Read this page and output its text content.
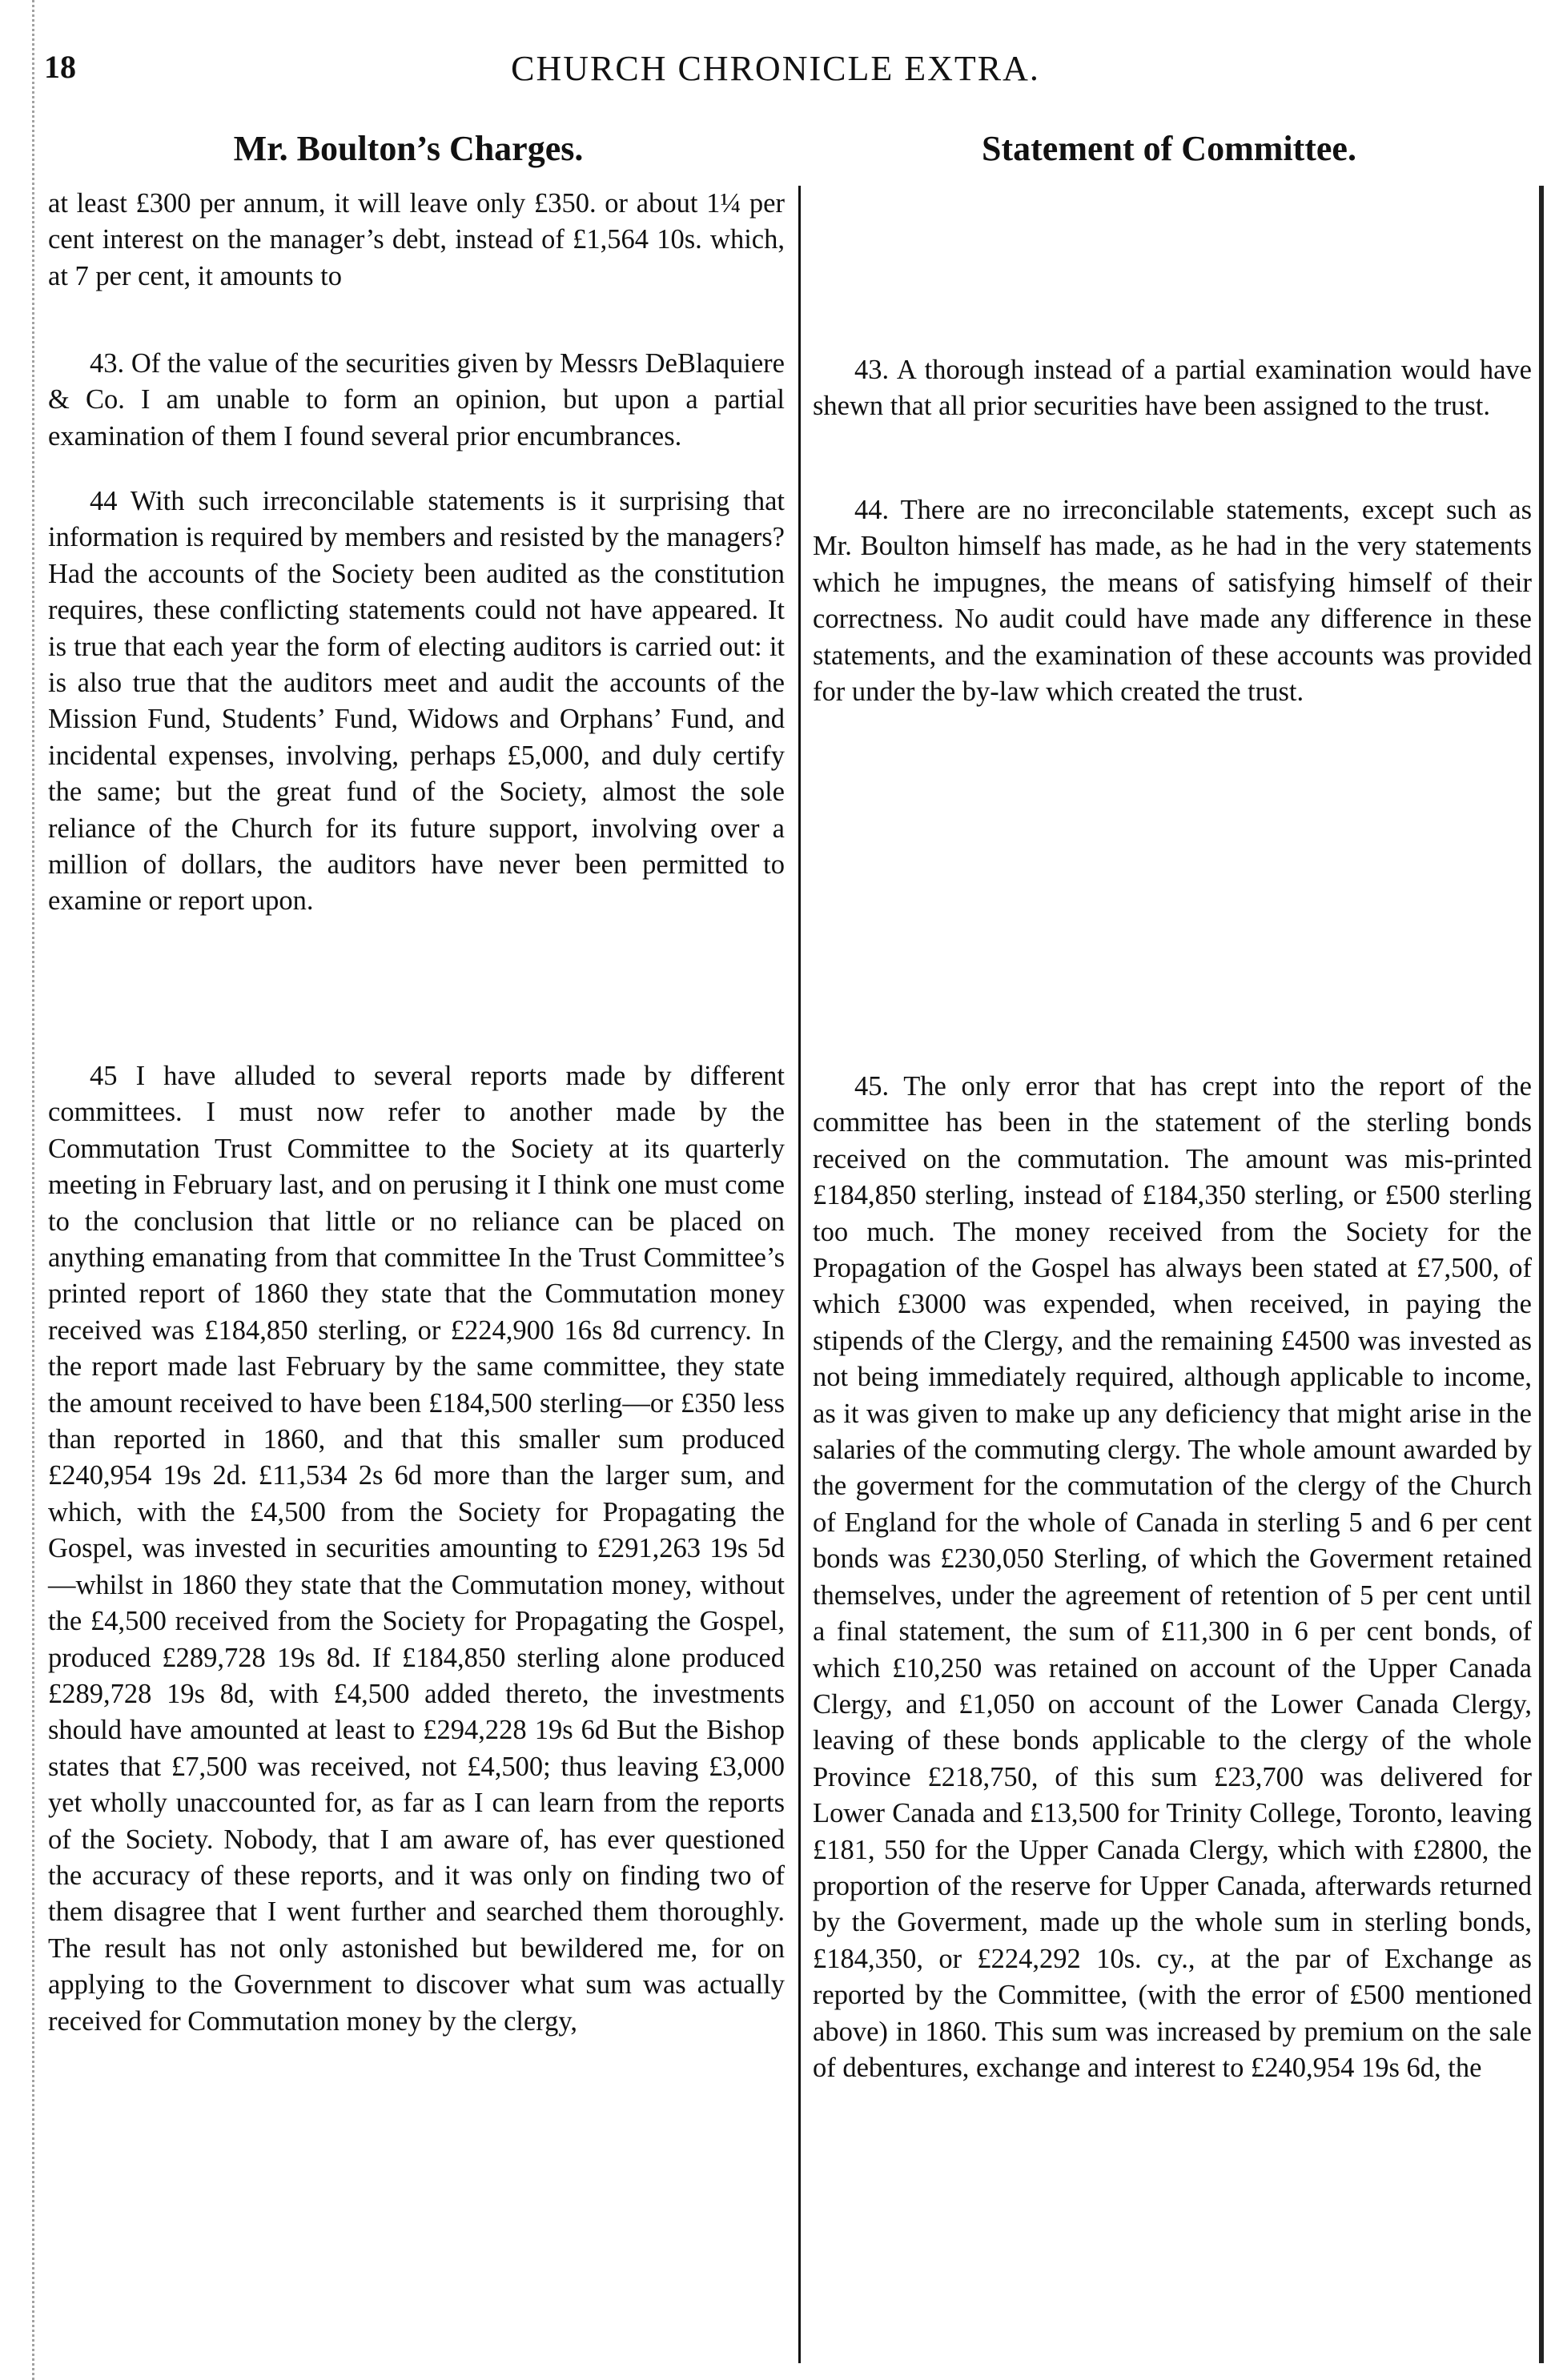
18	CHURCH CHRONICLE EXTRA.
Mr. Boulton’s Charges.	Statement of Committee.

at least £300 per annum, it will leave only £350. or about 1¼ per cent interest on the manager’s debt, instead of £1,564 10s. which, at 7 per cent, it amounts to

43. Of the value of the securities given by Messrs DeBlaquiere & Co. I am unable to form an opinion, but upon a partial examination of them I found several prior encumbrances.

44 With such irreconcilable statements is it surprising that information is required by members and resisted by the managers? Had the accounts of the Society been audited as the constitution requires, these conflicting statements could not have appeared. It is true that each year the form of electing auditors is carried out: it is also true that the auditors meet and audit the accounts of the Mission Fund, Students’ Fund, Widows and Orphans’ Fund, and incidental expenses, involving, perhaps £5,000, and duly certify the same; but the great fund of the Society, almost the sole reliance of the Church for its future support, involving over a million of dollars, the auditors have never been permitted to examine or report upon.

45 I have alluded to several reports made by different committees. I must now refer to another made by the Commutation Trust Committee to the Society at its quarterly meeting in February last, and on perusing it I think one must come to the conclusion that little or no reliance can be placed on anything emanating from that committee In the Trust Committee’s printed report of 1860 they state that the Commutation money received was £184,850 sterling, or £224,900 16s 8d currency. In the report made last February by the same committee, they state the amount received to have been £184,500 sterling—or £350 less than reported in 1860, and that this smaller sum produced £240,954 19s 2d. £11,534 2s 6d more than the larger sum, and which, with the £4,500 from the Society for Propagating the Gospel, was invested in securities amounting to £291,263 19s 5d—whilst in 1860 they state that the Commutation money, without the £4,500 received from the Society for Propagating the Gospel, produced £289,728 19s 8d. If £184,850 sterling alone produced £289,728 19s 8d, with £4,500 added thereto, the investments should have amounted at least to £294,228 19s 6d But the Bishop states that £7,500 was received, not £4,500; thus leaving £3,000 yet wholly unaccounted for, as far as I can learn from the reports of the Society. Nobody, that I am aware of, has ever questioned the accuracy of these reports, and it was only on finding two of them disagree that I went further and searched them thoroughly. The result has not only astonished but bewildered me, for on applying to the Government to discover what sum was actually received for Commutation money by the clergy,

43. A thorough instead of a partial examination would have shewn that all prior securities have been assigned to the trust.

44. There are no irreconcilable statements, except such as Mr. Boulton himself has made, as he had in the very statements which he impugnes, the means of satisfying himself of their correctness. No audit could have made any difference in these statements, and the examination of these accounts was provided for under the by-law which created the trust.

45. The only error that has crept into the report of the committee has been in the statement of the sterling bonds received on the commutation. The amount was mis-printed £184,850 sterling, instead of £184,350 sterling, or £500 sterling too much. The money received from the Society for the Propagation of the Gospel has always been stated at £7,500, of which £3000 was expended, when received, in paying the stipends of the Clergy, and the remaining £4500 was invested as not being immediately required, although applicable to income, as it was given to make up any deficiency that might arise in the salaries of the commuting clergy. The whole amount awarded by the goverment for the commutation of the clergy of the Church of England for the whole of Canada in sterling 5 and 6 per cent bonds was £230,050 Sterling, of which the Goverment retained themselves, under the agreement of retention of 5 per cent until a final statement, the sum of £11,300 in 6 per cent bonds, of which £10,250 was retained on account of the Upper Canada Clergy, and £1,050 on account of the Lower Canada Clergy, leaving of these bonds applicable to the clergy of the whole Province £218,750, of this sum £23,700 was delivered for Lower Canada and £13,500 for Trinity College, Toronto, leaving £181, 550 for the Upper Canada Clergy, which with £2800, the proportion of the reserve for Upper Canada, afterwards returned by the Goverment, made up the whole sum in sterling bonds, £184,350, or £224,292 10s. cy., at the par of Exchange as reported by the Committee, (with the error of £500 mentioned above) in 1860. This sum was increased by premium on the sale of debentures, exchange and interest to £240,954 19s 6d, the
